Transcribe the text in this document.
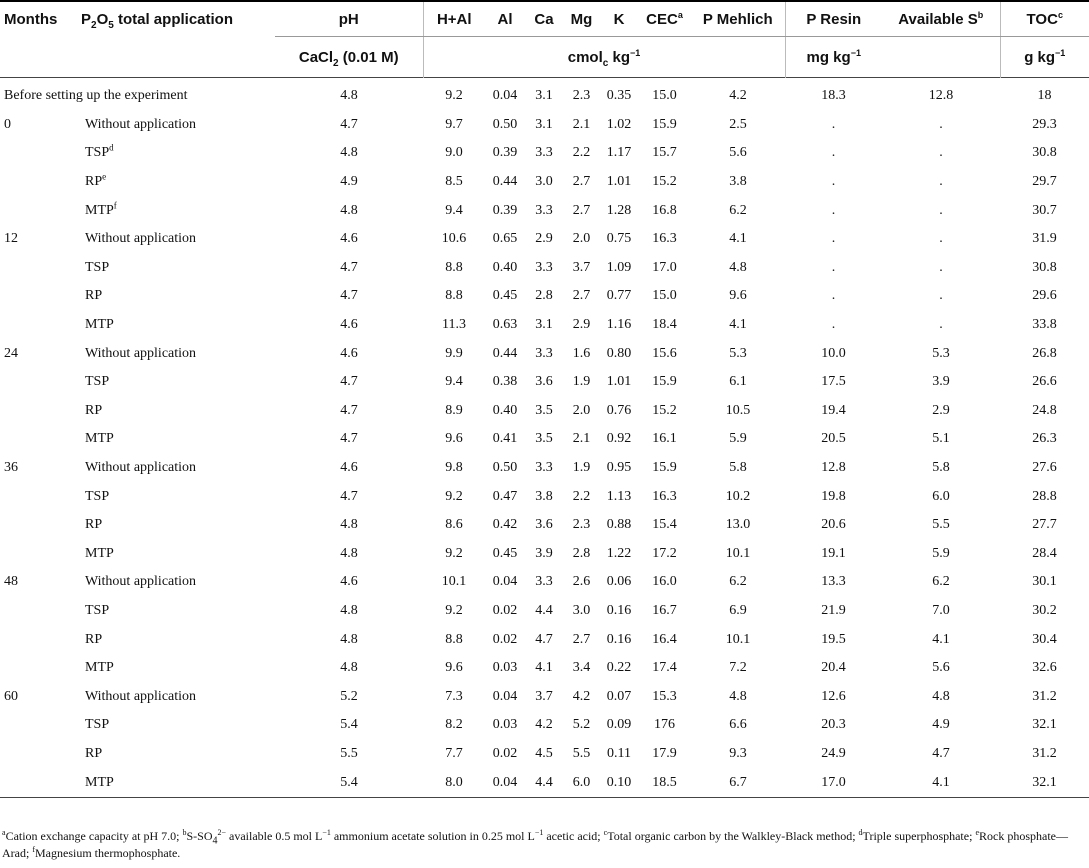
Months	$P_2O_5$ total application	pH	H+Al	Al	Ca	Mg	K	CEC$^a$	P Mehlich	P Resin	Available $S^b$	TOC$^c$
		CaCl$_2$ (0.01 M)	cmol$_c$ $kg^{-1}$							mg $kg^{-1}$		g $kg^{-1}$
Before setting up the experiment		4.8	9.2	0.04	3.1	2.3	0.35	15.0	4.2	18.3	12.8	18
0	Without application	4.7	9.7	0.50	3.1	2.1	1.02	15.9	2.5	.	.	29.3
	TSP$^d$	4.8	9.0	0.39	3.3	2.2	1.17	15.7	5.6	.	.	30.8
	$RP^e$	4.9	8.5	0.44	3.0	2.7	1.01	15.2	3.8	.	.	29.7
	MTP$^f$	4.8	9.4	0.39	3.3	2.7	1.28	16.8	6.2	.	.	30.7
12	Without application	4.6	10.6	0.65	2.9	2.0	0.75	16.3	4.1	.	.	31.9
	TSP	4.7	8.8	0.40	3.3	3.7	1.09	17.0	4.8	.	.	30.8
	RP	4.7	8.8	0.45	2.8	2.7	0.77	15.0	9.6	.	.	29.6
	MTP	4.6	11.3	0.63	3.1	2.9	1.16	18.4	4.1	.	.	33.8
24	Without application	4.6	9.9	0.44	3.3	1.6	0.80	15.6	5.3	10.0	5.3	26.8
	TSP	4.7	9.4	0.38	3.6	1.9	1.01	15.9	6.1	17.5	3.9	26.6
	RP	4.7	8.9	0.40	3.5	2.0	0.76	15.2	10.5	19.4	2.9	24.8
	MTP	4.7	9.6	0.41	3.5	2.1	0.92	16.1	5.9	20.5	5.1	26.3
36	Without application	4.6	9.8	0.50	3.3	1.9	0.95	15.9	5.8	12.8	5.8	27.6
	TSP	4.7	9.2	0.47	3.8	2.2	1.13	16.3	10.2	19.8	6.0	28.8
	RP	4.8	8.6	0.42	3.6	2.3	0.88	15.4	13.0	20.6	5.5	27.7
	MTP	4.8	9.2	0.45	3.9	2.8	1.22	17.2	10.1	19.1	5.9	28.4
48	Without application	4.6	10.1	0.04	3.3	2.6	0.06	16.0	6.2	13.3	6.2	30.1
	TSP	4.8	9.2	0.02	4.4	3.0	0.16	16.7	6.9	21.9	7.0	30.2
	RP	4.8	8.8	0.02	4.7	2.7	0.16	16.4	10.1	19.5	4.1	30.4
	MTP	4.8	9.6	0.03	4.1	3.4	0.22	17.4	7.2	20.4	5.6	32.6
60	Without application	5.2	7.3	0.04	3.7	4.2	0.07	15.3	4.8	12.6	4.8	31.2
	TSP	5.4	8.2	0.03	4.2	5.2	0.09	176	6.6	20.3	4.9	32.1
	RP	5.5	7.7	0.02	4.5	5.5	0.11	17.9	9.3	24.9	4.7	31.2
	MTP	5.4	8.0	0.04	4.4	6.0	0.10	18.5	6.7	17.0	4.1	32.1
$^a$Cation exchange capacity at pH 7.0; $^bS-SO_4^{2-}$ available 0.5 mol $L^{-1}$ ammonium acetate solution in 0.25 mol $L^{-1}$ acetic acid; $^c$Total organic carbon by the Walkley-Black method; $^d$Triple superphosphate; $^e$Rock phosphate—Arad; $^f$Magnesium thermophosphate.
